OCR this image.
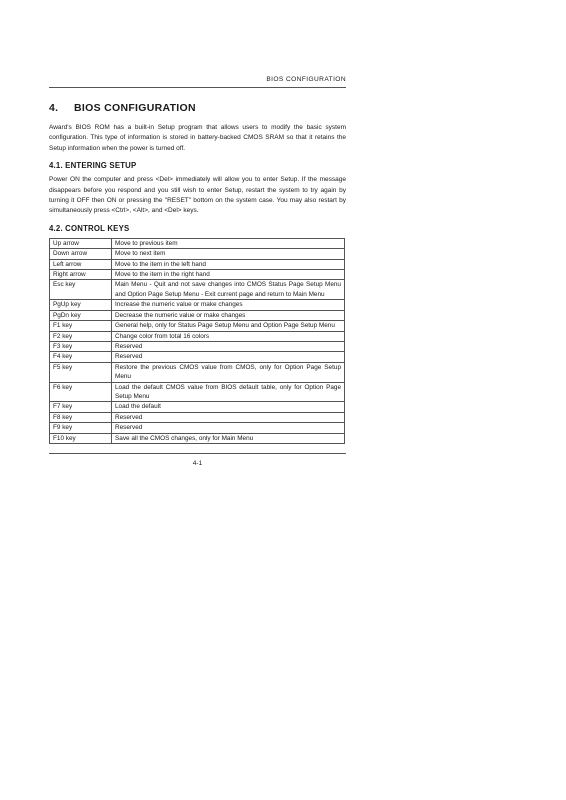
BIOS CONFIGURATION
4.	BIOS CONFIGURATION

Award's BIOS ROM has a built-in Setup program that allows users to modify the basic system configuration. This type of information is stored in battery-backed CMOS SRAM so that it retains the Setup information when the power is turned off.

4.1. ENTERING SETUP

Power ON the computer and press <Del> immediately will allow you to enter Setup. If the message disappears before you respond and you still wish to enter Setup, restart the system to try again by turning it OFF then ON or pressing the "RESET" bottom on the system case. You may also restart by simultaneously press <Ctrl>, <Alt>, and <Del> keys.

4.2. CONTROL KEYS
Up arrow	Move to previous item
Down arrow	Move to next item
Left arrow	Move to the item in the left hand
Right arrow	Move to the item in the right hand
Esc key	Main Menu - Quit and not save changes into CMOS Status Page Setup Menu and Option Page Setup Menu - Exit current page and return to Main Menu
PgUp key	Increase the numeric value or make changes
PgDn key	Decrease the numeric value or make changes
F1 key	General help, only for Status Page Setup Menu and Option Page Setup Menu
F2 key	Change color from total 16 colors
F3 key	Reserved
F4 key	Reserved
F5 key	Restore the previous CMOS value from CMOS, only for Option Page Setup Menu
F6 key	Load the default CMOS value from BIOS default table, only for Option Page Setup Menu
F7 key	Load the default
F8 key	Reserved
F9 key	Reserved
F10 key	Save all the CMOS changes, only for Main Menu
4-1
